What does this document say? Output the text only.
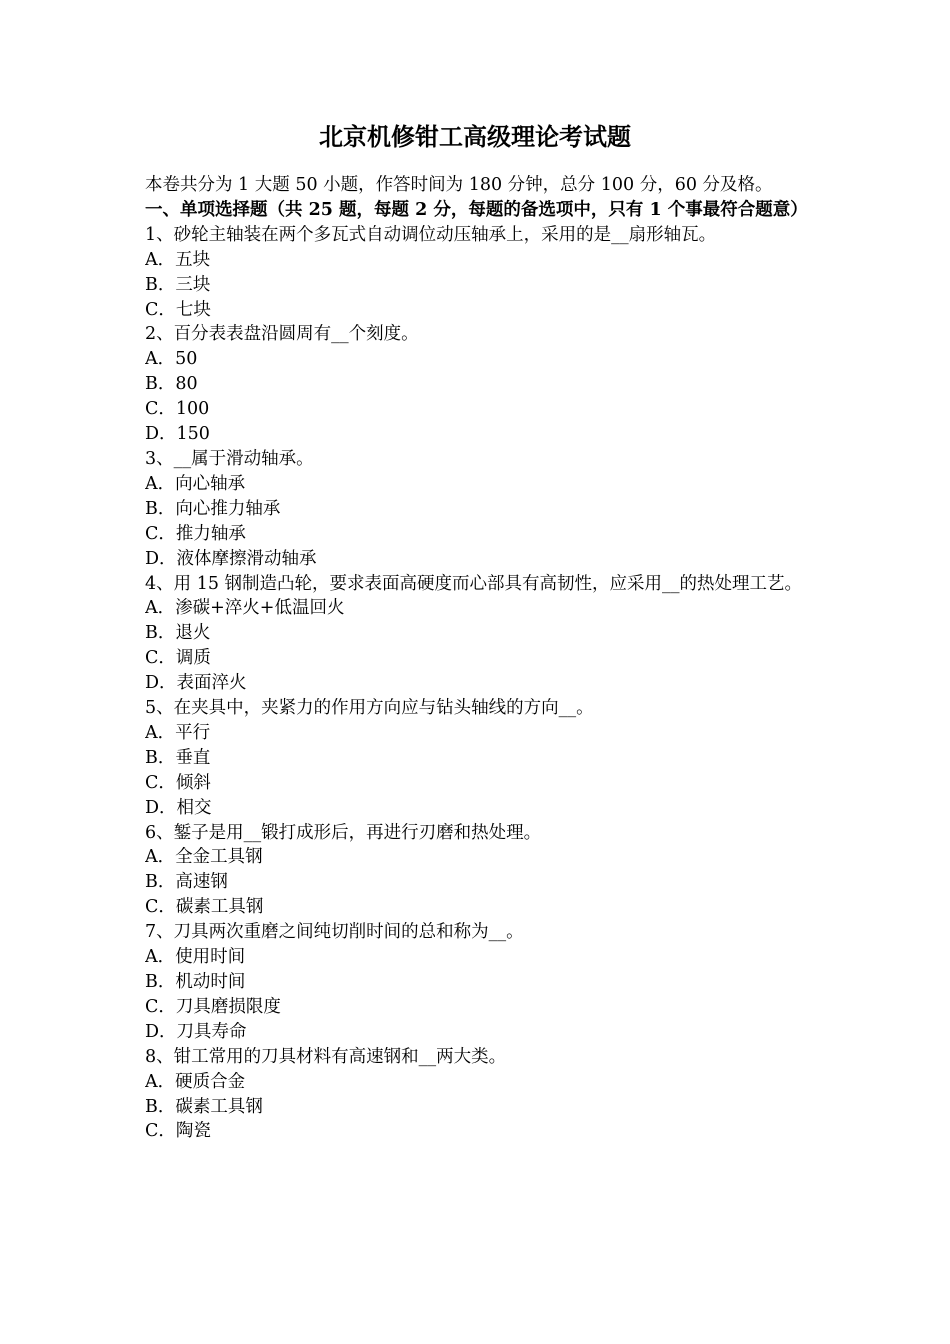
北京机修钳工高级理论考试题
本卷共分为 1 大题 50 小题，作答时间为 180 分钟，总分 100 分，60 分及格。
一、单项选择题（共 25 题，每题 2 分，每题的备选项中，只有 1 个事最符合题意）
1、砂轮主轴装在两个多瓦式自动调位动压轴承上，采用的是__扇形轴瓦。
A．五块
B．三块
C．七块
2、百分表表盘沿圆周有__个刻度。
A．50
B．80
C．100
D．150
3、__属于滑动轴承。
A．向心轴承
B．向心推力轴承
C．推力轴承
D．液体摩擦滑动轴承
4、用 15 钢制造凸轮，要求表面高硬度而心部具有高韧性，应采用__的热处理工艺。
A．渗碳+淬火+低温回火
B．退火
C．调质
D．表面淬火
5、在夹具中，夹紧力的作用方向应与钻头轴线的方向__。
A．平行
B．垂直
C．倾斜
D．相交
6、錾子是用__锻打成形后，再进行刃磨和热处理。
A．全金工具钢
B．高速钢
C．碳素工具钢
7、刀具两次重磨之间纯切削时间的总和称为__。
A．使用时间
B．机动时间
C．刀具磨损限度
D．刀具寿命
8、钳工常用的刀具材料有高速钢和__两大类。
A．硬质合金
B．碳素工具钢
C．陶瓷
